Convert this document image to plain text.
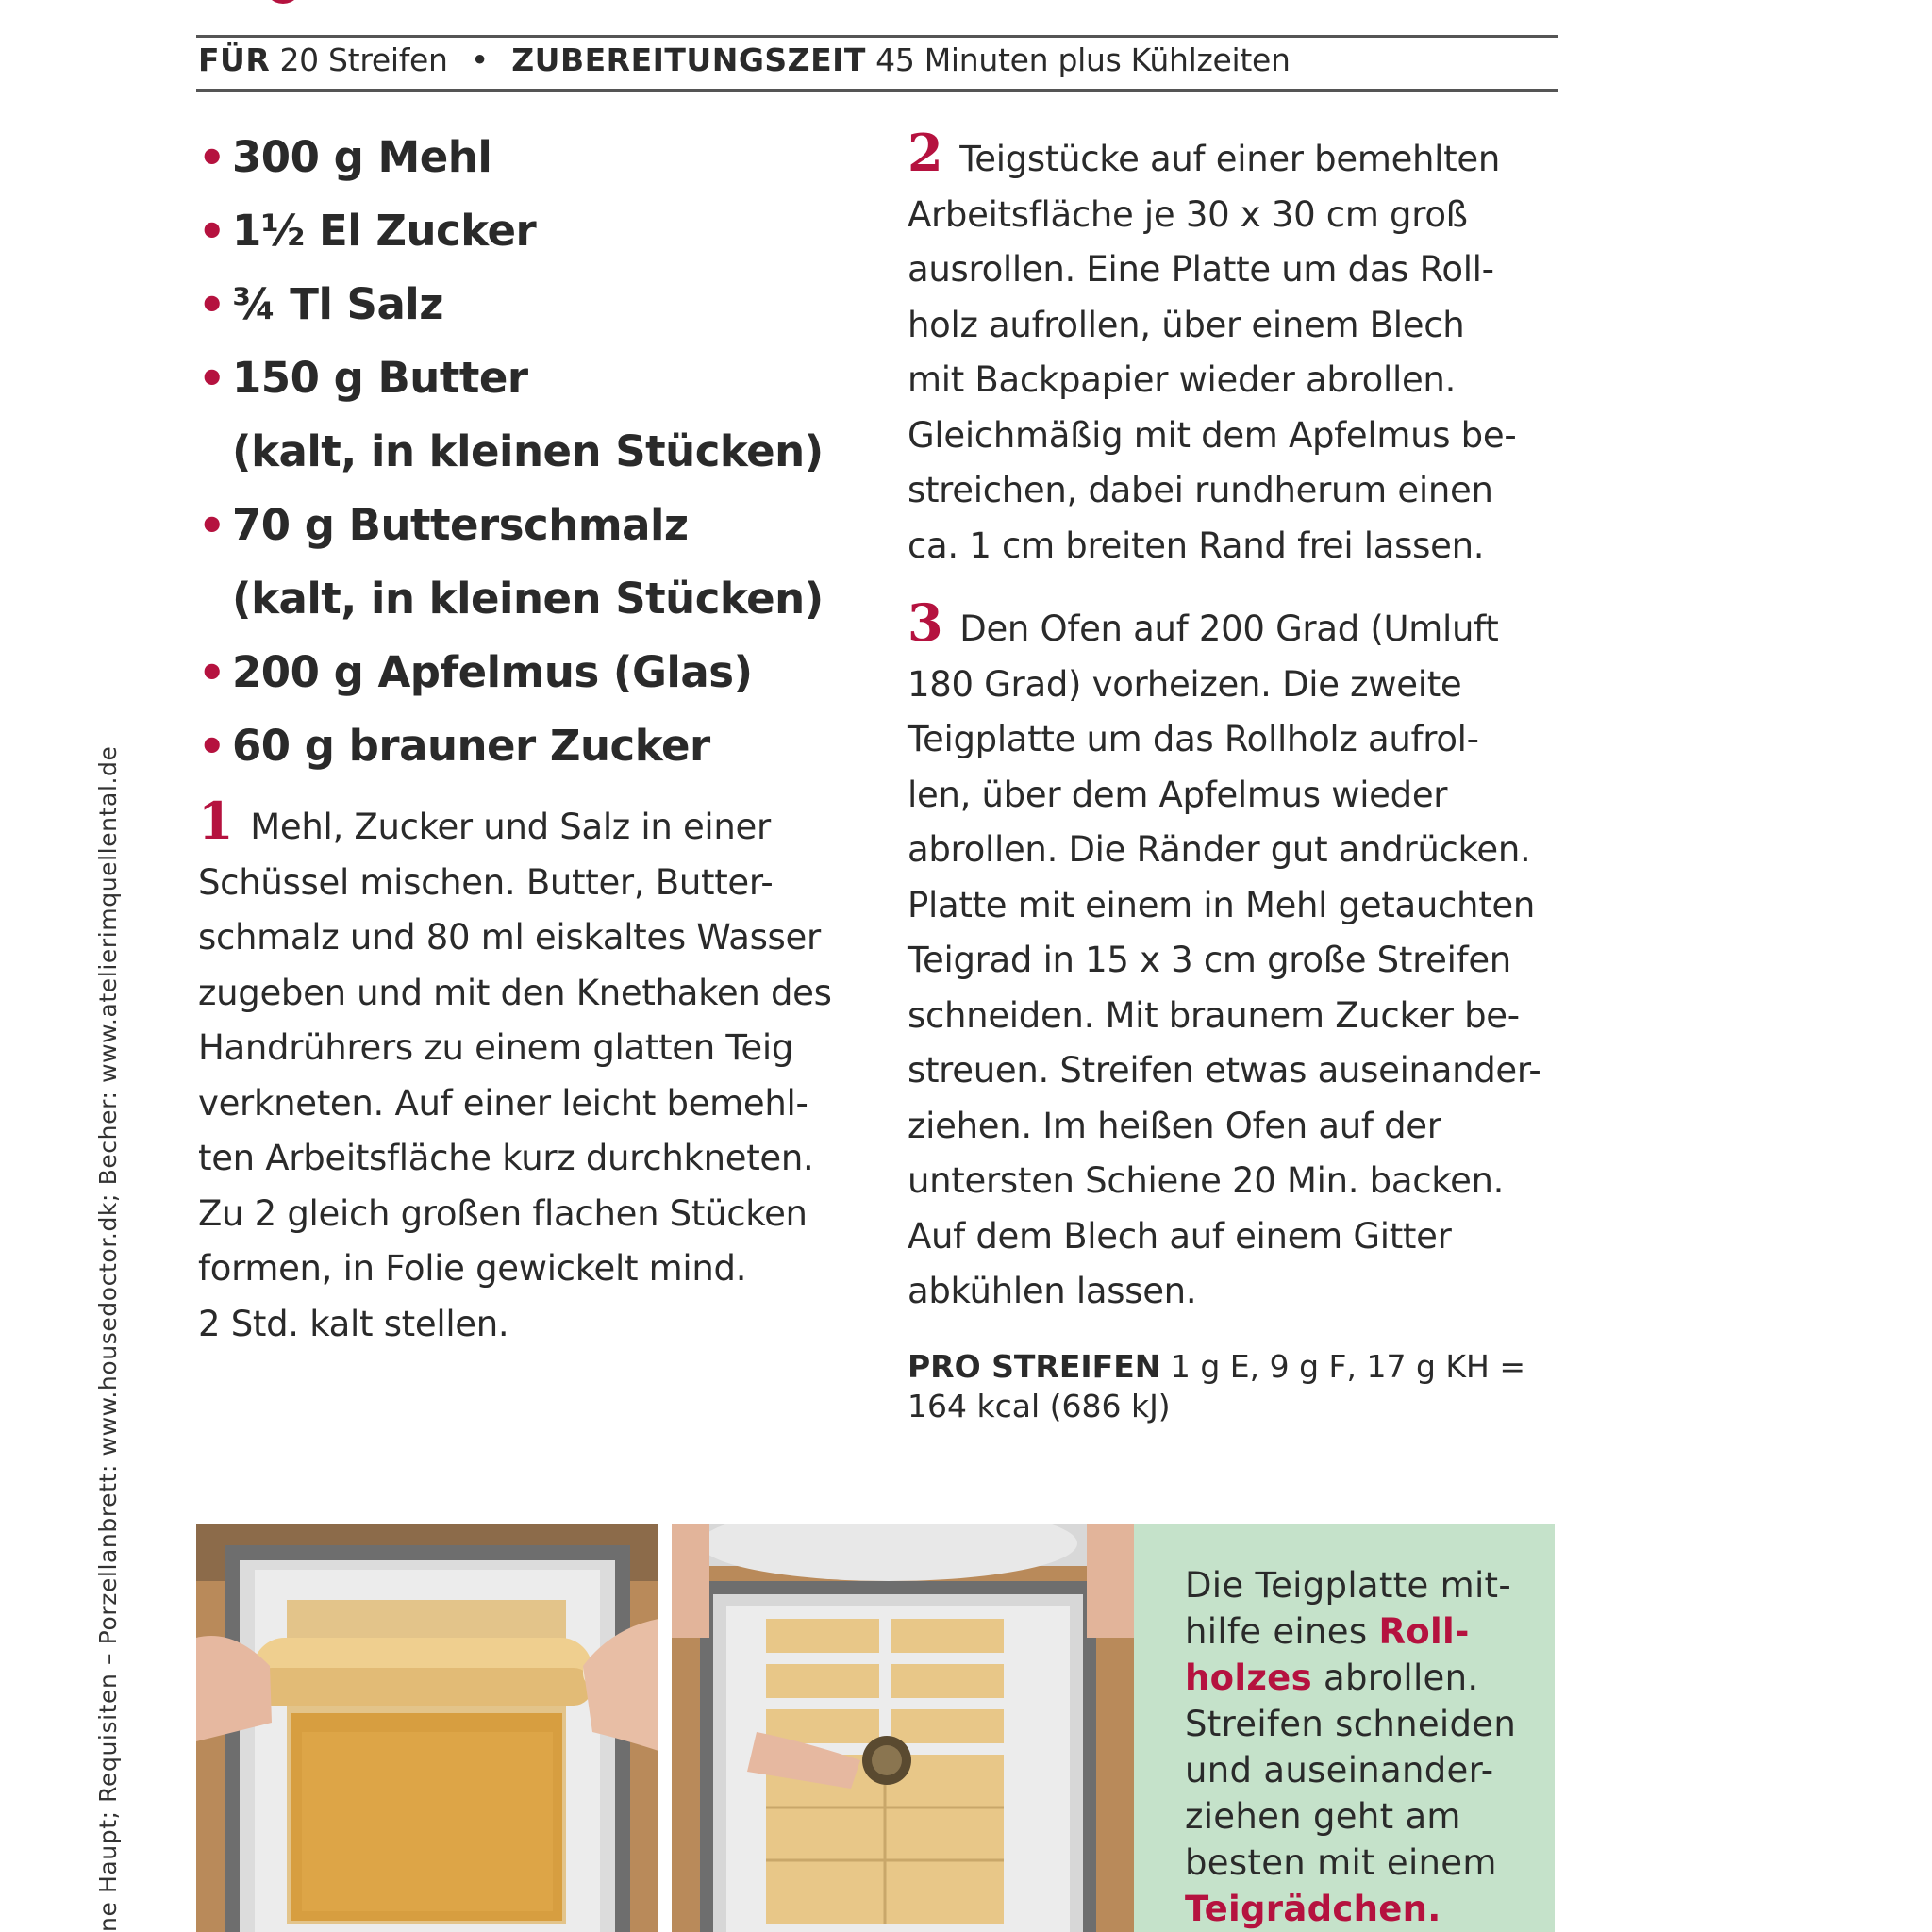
FÜR 20 Streifen • ZUBEREITUNGSZEIT 45 Minuten plus Kühlzeiten
• 300 g Mehl
• 1½ El Zucker
• ¾ Tl Salz
• 150 g Butter
(kalt, in kleinen Stücken)
• 70 g Butterschmalz
(kalt, in kleinen Stücken)
• 200 g Apfelmus (Glas)
• 60 g brauner Zucker
1 Mehl, Zucker und Salz in einer
Schüssel mischen. Butter, Butter-
schmalz und 80 ml eiskaltes Wasser
zugeben und mit den Knethaken des
Handrührers zu einem glatten Teig
verkneten. Auf einer leicht bemehl-
ten Arbeitsfläche kurz durchkneten.
Zu 2 gleich großen flachen Stücken
formen, in Folie gewickelt mind.
2 Std. kalt stellen.
2 Teigstücke auf einer bemehlten
Arbeitsfläche je 30 x 30 cm groß
ausrollen. Eine Platte um das Roll-
holz aufrollen, über einem Blech
mit Backpapier wieder abrollen.
Gleichmäßig mit dem Apfelmus be-
streichen, dabei rundherum einen
ca. 1 cm breiten Rand frei lassen.
3 Den Ofen auf 200 Grad (Umluft
180 Grad) vorheizen. Die zweite
Teigplatte um das Rollholz aufrol-
len, über dem Apfelmus wieder
abrollen. Die Ränder gut andrücken.
Platte mit einem in Mehl getauchten
Teigrad in 15 x 3 cm große Streifen
schneiden. Mit braunem Zucker be-
streuen. Streifen etwas auseinander-
ziehen. Im heißen Ofen auf der
untersten Schiene 20 Min. backen.
Auf dem Blech auf einem Gitter
abkühlen lassen.
PRO STREIFEN 1 g E, 9 g F, 17 g KH =
164 kcal (686 kJ)
Die Teigplatte mit-
hilfe eines Roll-
holzes abrollen.
Streifen schneiden
und auseinander-
ziehen geht am
besten mit einem
Teigrädchen.
ne Haupt; Requisiten – Porzellanbrett: www.housedoctor.dk; Becher: www.atelierimquellental.de
